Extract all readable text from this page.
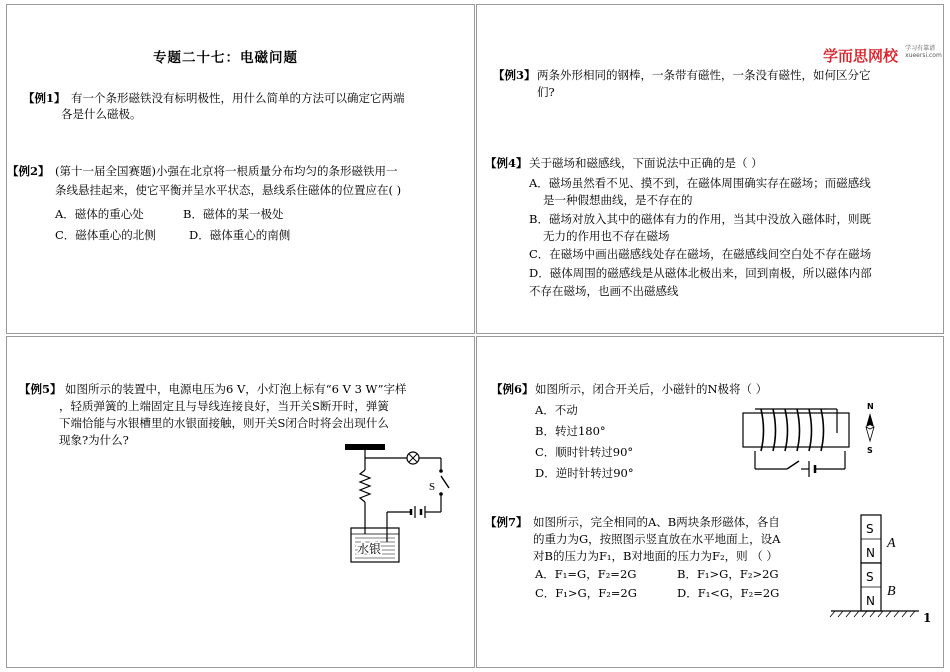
专题二十七：电磁问题
【例1】 有一个条形磁铁没有标明极性，用什么简单的方法可以确定它两端
各是什么磁极。
【例2】 (第十一届全国赛题)小强在北京将一根质量分布均匀的条形磁铁用一
条线悬挂起来，使它平衡并呈水平状态，悬线系住磁体的位置应在( )
A．磁体的重心处	B．磁体的某一极处
C．磁体重心的北侧	D．磁体重心的南侧
学而思网校 学习有靠谱
xueersi.com
【例3】 两条外形相同的钢棒，一条带有磁性，一条没有磁性，如何区分它
们?
【例4】 关于磁场和磁感线，下面说法中正确的是（ ）
A．磁场虽然看不见、摸不到，在磁体周围确实存在磁场；而磁感线
是一种假想曲线，是不存在的
B．磁场对放入其中的磁体有力的作用，当其中没放入磁体时，则既
无力的作用也不存在磁场
C．在磁场中画出磁感线处存在磁场，在磁感线间空白处不存在磁场
D．磁体周围的磁感线是从磁体北极出来，回到南极，所以磁体内部
不存在磁场，也画不出磁感线
【例5】 如图所示的装置中，电源电压为6 V，小灯泡上标有“6 V 3 W”字样
，轻质弹簧的上端固定且与导线连接良好，当开关S断开时，弹簧
下端恰能与水银槽里的水银面接触，则开关S闭合时将会出现什么
现象?为什么?
S
水银
【例6】 如图所示，闭合开关后，小磁针的N极将（ ）
A．不动
B．转过180°
C．顺时针转过90°
D．逆时针转过90°
N
S
【例7】 如图所示，完全相同的A、B两块条形磁体，各自
的重力为G，按照图示竖直放在水平地面上，设A
对B的压力为F₁，B对地面的压力为F₂，则 （ ）
A．F₁=G，F₂=2G	B．F₁>G，F₂>2G
C．F₁>G，F₂=2G	D．F₁<G，F₂=2G
S
N
S
N
A
B
1
